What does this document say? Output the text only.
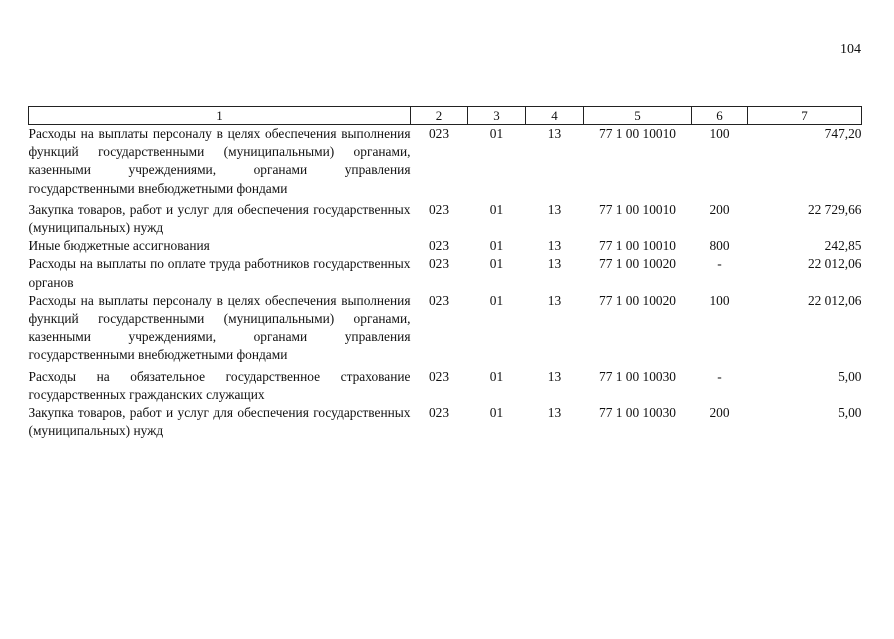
104
1	2	3	4	5	6	7
Расходы на выплаты персоналу в целях обеспечения выполнения функций государственными (муниципальными) органами, казенными учреждениями, органами управления государственными внебюджетными фондами	023	01	13	77 1 00 10010	100	747,20
Закупка товаров, работ и услуг для обеспечения государственных (муниципальных) нужд	023	01	13	77 1 00 10010	200	22 729,66
Иные бюджетные ассигнования	023	01	13	77 1 00 10010	800	242,85
Расходы на выплаты по оплате труда работников государственных органов	023	01	13	77 1 00 10020	-	22 012,06
Расходы на выплаты персоналу в целях обеспечения выполнения функций государственными (муниципальными) органами, казенными учреждениями, органами управления государственными внебюджетными фондами	023	01	13	77 1 00 10020	100	22 012,06
Расходы на обязательное государственное страхование государственных гражданских служащих	023	01	13	77 1 00 10030	-	5,00
Закупка товаров, работ и услуг для обеспечения государственных (муниципальных) нужд	023	01	13	77 1 00 10030	200	5,00
